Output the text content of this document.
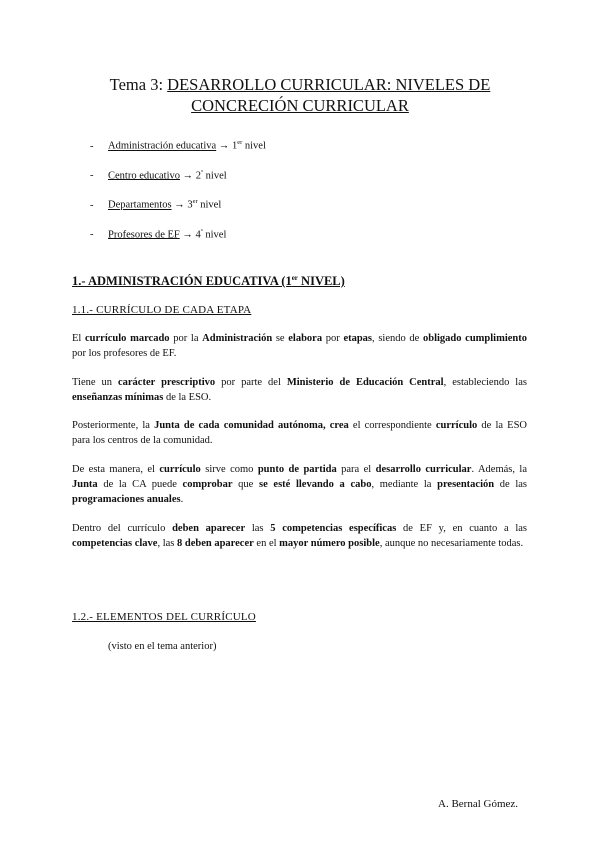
Tema 3: DESARROLLO CURRICULAR: NIVELES DE
CONCRECIÓN CURRICULAR
- Administración educativa → 1er nivel
- Centro educativo → $2^º$ nivel
- Departamentos → 3er nivel
- Profesores de EF → $4^º$ nivel
1.- ADMINISTRACIÓN EDUCATIVA (1er NIVEL)
1.1.- CURRÍCULO DE CADA ETAPA

El currículo marcado por la Administración se elabora por etapas, siendo de obligado cumplimiento por los profesores de EF.

Tiene un carácter prescriptivo por parte del Ministerio de Educación Central, estableciendo las enseñanzas mínimas de la ESO.

Posteriormente, la Junta de cada comunidad autónoma, crea el correspondiente currículo de la ESO para los centros de la comunidad.

De esta manera, el currículo sirve como punto de partida para el desarrollo curricular. Además, la Junta de la CA puede comprobar que se esté llevando a cabo, mediante la presentación de las programaciones anuales.

Dentro del currículo deben aparecer las 5 competencias específicas de EF y, en cuanto a las competencias clave, las 8 deben aparecer en el mayor número posible, aunque no necesariamente todas.

1.2.- ELEMENTOS DEL CURRÍCULO
(visto en el tema anterior)
A. Bernal Gómez.
